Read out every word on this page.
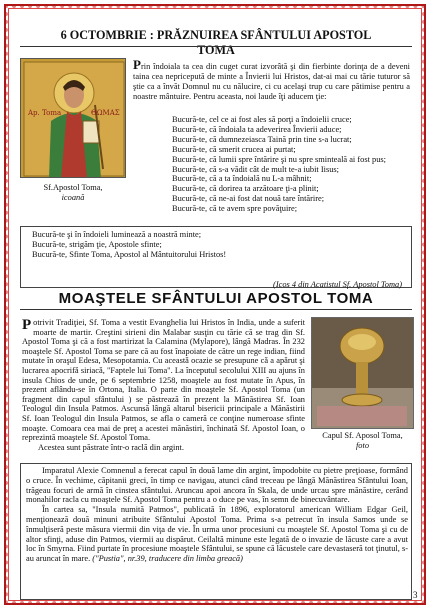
6 OCTOMBRIE : PRĂZNUIREA SFÂNTULUI APOSTOL TOMA
Ap. Toma	ΘΩΜΑΣ
Sf.Apostol Toma,
icoană
Prin îndoiala ta cea din cuget curat izvorâtă şi din fierbinte dorinţa de a deveni taina cea nepricepută de minte a Învierii lui Hristos, dat-ai mai cu tărie tuturor să ştie ca a învăt Domnul nu cu nălucire, ci cu acelaşi trup cu care pătimise pentru a noastre mântuire. Pentru aceasta, noi laude îţi aducem ţie:
Bucură-te, cel ce ai fost ales să porţi a îndoielii cruce;
Bucură-te, că îndoiala ta adeverirea Învierii aduce;
Bucură-te, că dumnezeiasca Taină prin tine s-a lucrat;
Bucură-te, că smerit crucea ai purtat;
Bucură-te, că lumii spre întărire şi nu spre sminteală ai fost pus;
Bucură-te, că s-a vădit cât de mult te-a iubit Iisus;
Bucură-te, că a ta îndoială nu L-a mâhnit;
Bucură-te, că dorirea ta arzătoare ţi-a plinit;
Bucură-te, că ne-ai fost dat nouă tare întărire;
Bucură-te, că te avem spre povăţuire;
Bucură-te şi în îndoieli luminează a noastră minte;
Bucură-te, strigăm ţie, Apostole sfinte;
Bucură-te, Sfinte Toma, Apostol al Mântuitorului Hristos!
(Icos 4 din Acatistul Sf. Apostol Toma)
MOAŞTELE SFÂNTULUI APOSTOL TOMA
Potrivit Tradiţiei, Sf. Toma a vestit Evanghelia lui Hristos în India, unde a suferit moarte de martir. Creştini sirieni din Malabar susţin cu tărie că se trag din Sf. Apostol Toma şi că a fost martirizat la Calamina (Mylapore), lângă Madras. În 232 moaştele Sf. Apostol Toma se pare că au fost înapoiate de către un rege indian, fiind mutate în oraşul Edesa, Mesopotamia. Cu aceastǎ ocazie se presupune cǎ a apǎrut şi lucrarea apocrifǎ siriacǎ, "Faptele lui Toma". La începutul secolului XIII au ajuns în insula Chios de unde, pe 6 septembrie 1258, moaştele au fost mutate în Apus, în prezent aflându-se în Ortona, Italia. O parte din moaştele Sf. Apostol Toma (un fragment din capul sfântului ) se păstrează în prezent la Mănăstirea Sf. Ioan Teologul din Insula Patmos. Ascunsă lângă altarul bisericii principale a Mănăstirii Sf. Ioan Teologul din Insula Patmos, se afla o cameră ce conţine numeroase sfinte moaşte. Comoara cea mai de preţ a acestei mănăstiri, închinată Sf. Apostol Ioan, o reprezintă moaştele Sf. Apostol Toma.
Acestea sunt păstrate într-o raclă din argint.
Capul Sf. Aposol Toma,
foto
Imparatul Alexie Comnenul a ferecat capul în două lame din argint, împodobite cu pietre preţioase, formând o cruce. În vechime, căpitanii greci, în timp ce navigau, atunci când treceau pe lângă Mănăstirea Sfântului Ioan, trăgeau focuri de armă în cinstea sfântului. Aruncau apoi ancora în Skala, de unde urcau spre mănăstire, cerând monahilor racla cu moaştele Sf. Apostol Toma pentru a o duce pe vas, în semn de binecuvântare.
În cartea sa, "Insula numită Patmos", publicată în 1896, exploratorul american William Edgar Geil, menţionează două minuni atribuite Sfântului Apostol Toma. Prima s-a petrecut în insula Samos unde se înmulţiseră peste măsura viermii din viţa de vie. În urma unor procesiuni cu moaştele Sf. Apostol Toma şi cu de altor sfinţi, aduse din Patmos, viermii au dispărut. Ceilaltă minune este legată de o invazie de lăcuste care a avut loc în Smyrna. Fiind purtate în procesiune moaştele Sfântului, se spune că lăcustele care devastaseră tot ţinutul, s-au aruncat în mare. ("Pustia", nr.39, traducere din limba greacă)
3
